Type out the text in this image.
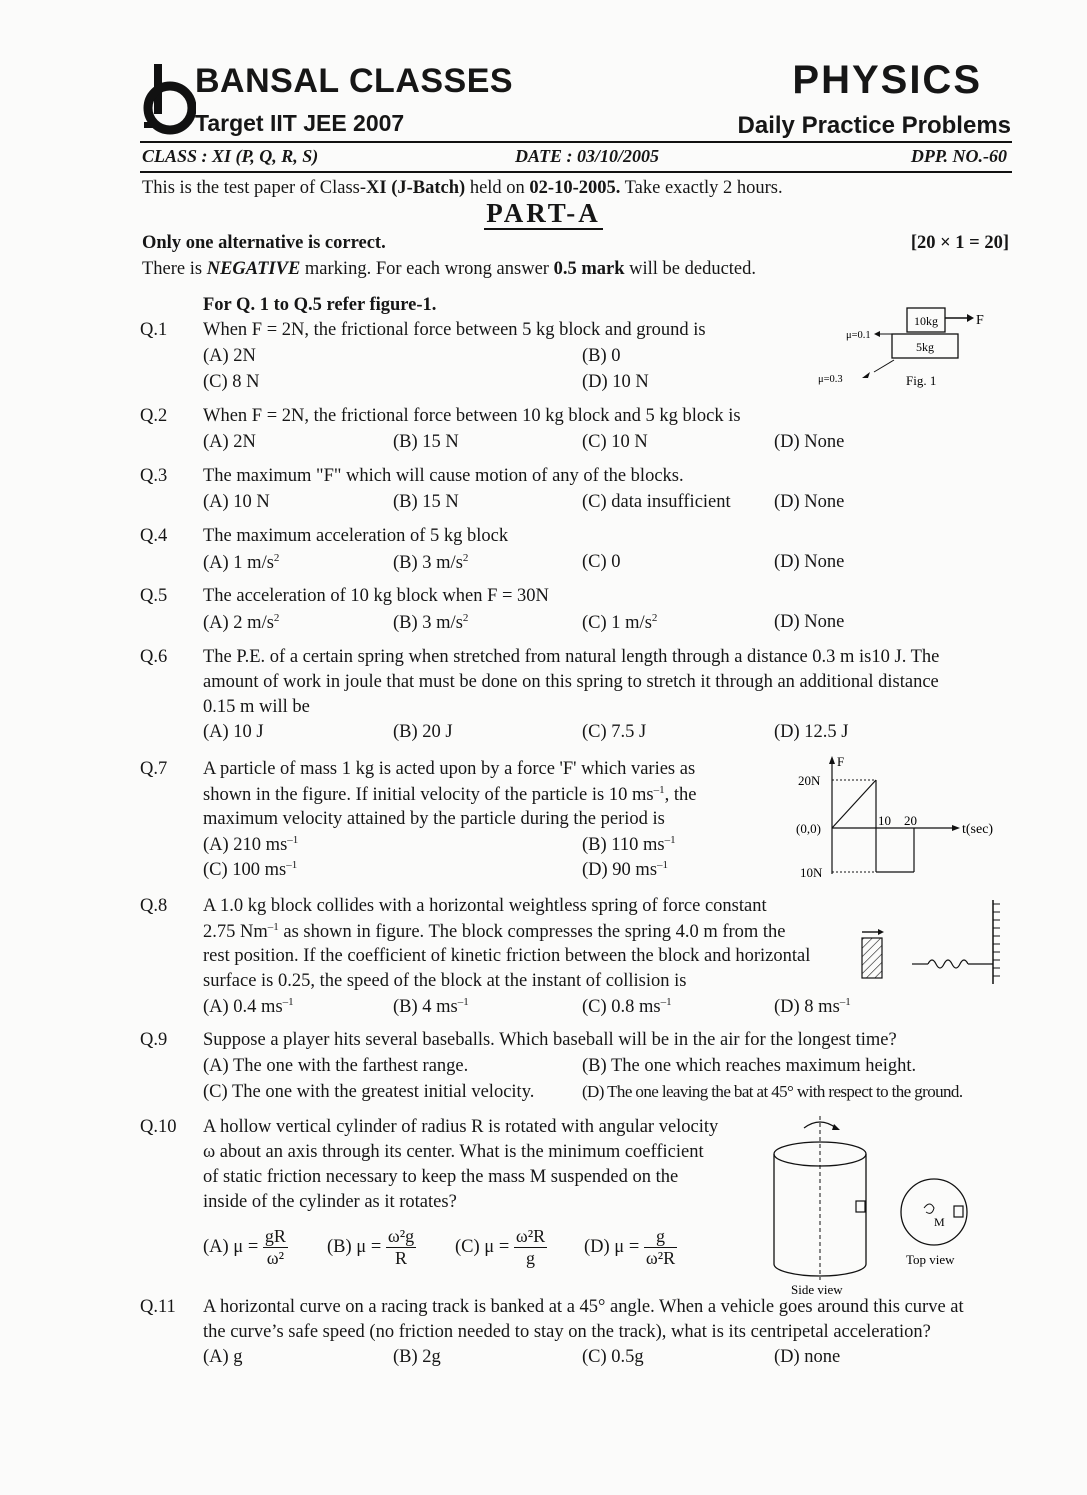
BANSAL CLASSES
Target IIT JEE 2007
PHYSICS
Daily Practice Problems
CLASS : XI (P, Q, R, S)	DATE : 03/10/2005	DPP. NO.-60
This is the test paper of Class-XI (J-Batch) held on 02-10-2005. Take exactly 2 hours.
PART-A
Only one alternative is correct.	[20 × 1 = 20]
There is NEGATIVE marking. For each wrong answer 0.5 mark will be deducted.
For Q. 1 to Q.5 refer figure-1.
Q.1 When F = 2N, the frictional force between 5 kg block and ground is
(A) 2N	(B) 0
(C) 8 N	(D) 10 N
10kg	F
5kg
μ=0.1
μ=0.3	Fig. 1
Q.2 When F = 2N, the frictional force between 10 kg block and 5 kg block is
(A) 2N	(B) 15 N	(C) 10 N	(D) None
Q.3 The maximum "F" which will cause motion of any of the blocks.
(A) 10 N	(B) 15 N	(C) data insufficient (D) None
Q.4 The maximum acceleration of 5 kg block
(A) 1 $m/s^2$	(B) 3 $m/s^2$	(C) 0	(D) None
Q.5 The acceleration of 10 kg block when F = 30N
(A) 2 $m/s^2$	(B) 3 $m/s^2$	(C) 1 $m/s^2$	(D) None
Q.6 The P.E. of a certain spring when stretched from natural length through a distance 0.3 m is10 J. The
amount of work in joule that must be done on this spring to stretch it through an additional distance
0.15 m will be
(A) 10 J	(B) 20 J	(C) 7.5 J	(D) 12.5 J
Q.7 A particle of mass 1 kg is acted upon by a force 'F' which varies as
shown in the figure. If initial velocity of the particle is 10 $ms^{-1}$, the
maximum velocity attained by the particle during the period is
(A) 210 $ms^{-1}$	(B) 110 $ms^{-1}$
(C) 100 $ms^{-1}$	(D) 90 $ms^{-1}$
F
20N
t(sec)
(0,0)
10 20
10N
Q.8 A 1.0 kg block collides with a horizontal weightless spring of force constant
2.75 $Nm^{-1}$ as shown in figure. The block compresses the spring 4.0 m from the
rest position. If the coefficient of kinetic friction between the block and horizontal
surface is 0.25, the speed of the block at the instant of collision is
(A) 0.4 $ms^{-1}$	(B) 4 $ms^{-1}$	(C) 0.8 $ms^{-1}$	(D) 8 $ms^{-1}$
Q.9 Suppose a player hits several baseballs. Which baseball will be in the air for the longest time?
(A) The one with the farthest range.	(B) The one which reaches maximum height.
(C) The one with the greatest initial velocity.	(D) The one leaving the bat at 45° with respect to the ground.
Q.10 A hollow vertical cylinder of radius R is rotated with angular velocity
ω about an axis through its center. What is the minimum coefficient
of static friction necessary to keep the mass M suspended on the
inside of the cylinder as it rotates?
(A) $\mu = \frac{gR}{\text{ω²}} (B) \mu = \frac{\text{ω²g}}{R} (C) \mu = \frac{\text{ω²R}}{g} (D) \mu = \frac{g}{\text{ω²R}}$
Side view
M
Top view
Q.11 A horizontal curve on a racing track is banked at a 45° angle. When a vehicle goes around this curve at
the curve’s safe speed (no friction needed to stay on the track), what is its centripetal acceleration?
(A) g	(B) 2g	(C) 0.5g	(D) none
